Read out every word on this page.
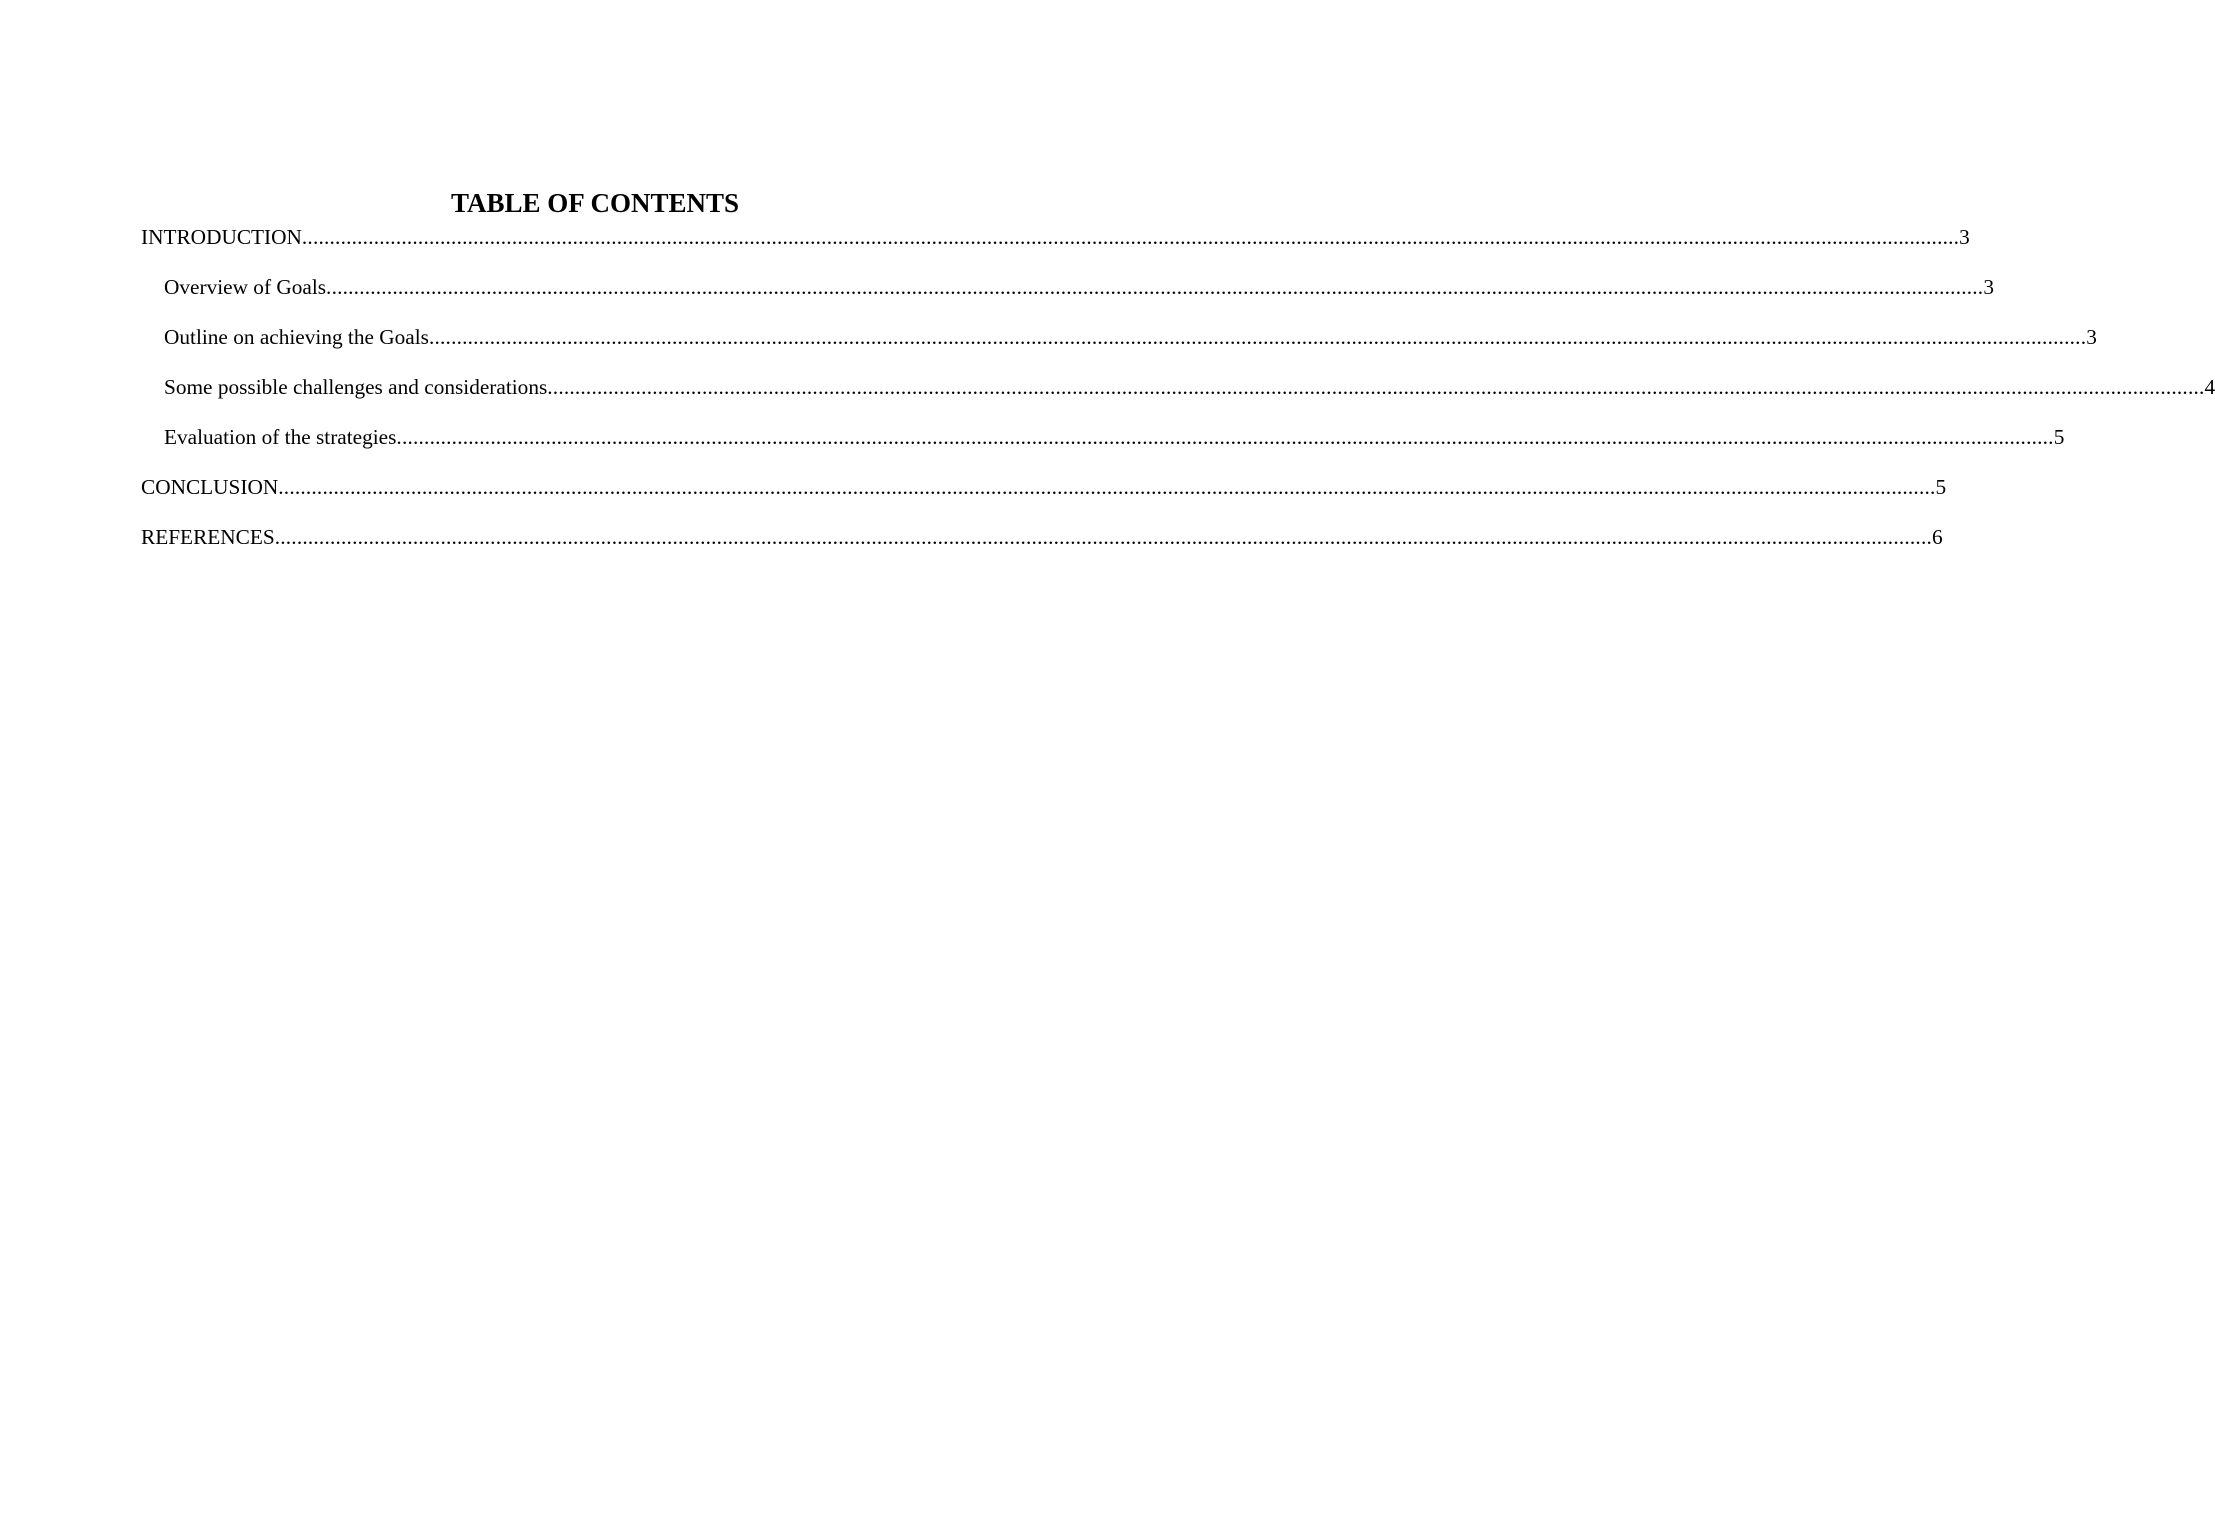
TABLE OF CONTENTS
INTRODUCTION ............................................................................................................................................................................................................................................................................................................ 3
Overview of Goals ............................................................................................................................................................................................................................................................................................................ 3
Outline on achieving the Goals ............................................................................................................................................................................................................................................................................................................ 3
Some possible challenges and considerations ............................................................................................................................................................................................................................................................................................................ 4
Evaluation of the strategies ............................................................................................................................................................................................................................................................................................................ 5
CONCLUSION ............................................................................................................................................................................................................................................................................................................ 5
REFERENCES ............................................................................................................................................................................................................................................................................................................ 6
